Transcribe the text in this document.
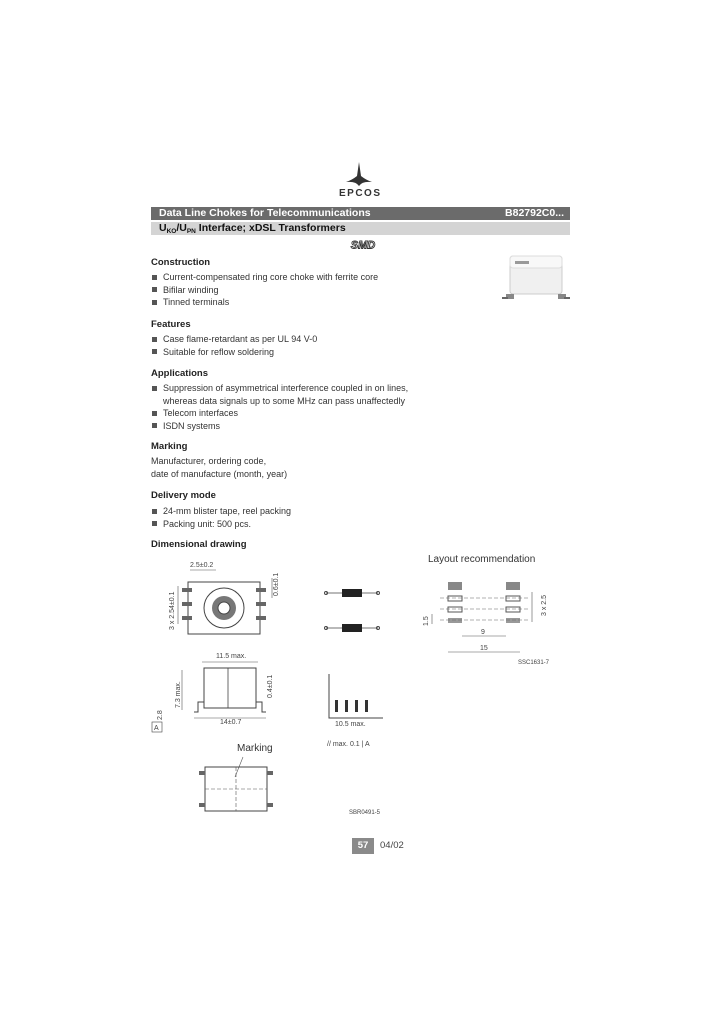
EPCOS
Data Line Chokes for Telecommunications	B82792C0...
$U_{KO}/U_{PN}$ Interface; xDSL Transformers
SMD
Construction
Current-compensated ring core choke with ferrite core
Bifilar winding
Tinned terminals
Features
Case flame-retardant as per UL 94 V-0
Suitable for reflow soldering
Applications
Suppression of asymmetrical interference coupled in on lines,
whereas data signals up to some MHz can pass unaffectedly
Telecom interfaces
ISDN systems
Marking
Manufacturer, ordering code,
date of manufacture (month, year)
Delivery mode
24-mm blister tape, reel packing
Packing unit: 500 pcs.
Dimensional drawing
2.5±0.2
3 x 2.54±0.1
0.6±0.1
Layout recommendation
3 x 2.5
1.5
9
15
SSC1631-7
11.5 max.
7.3 max.
2.8
0.4±0.1
14±0.7
A
10.5 max.
// max. 0.1 | A
Marking
SBR0491-5
57	04/02
